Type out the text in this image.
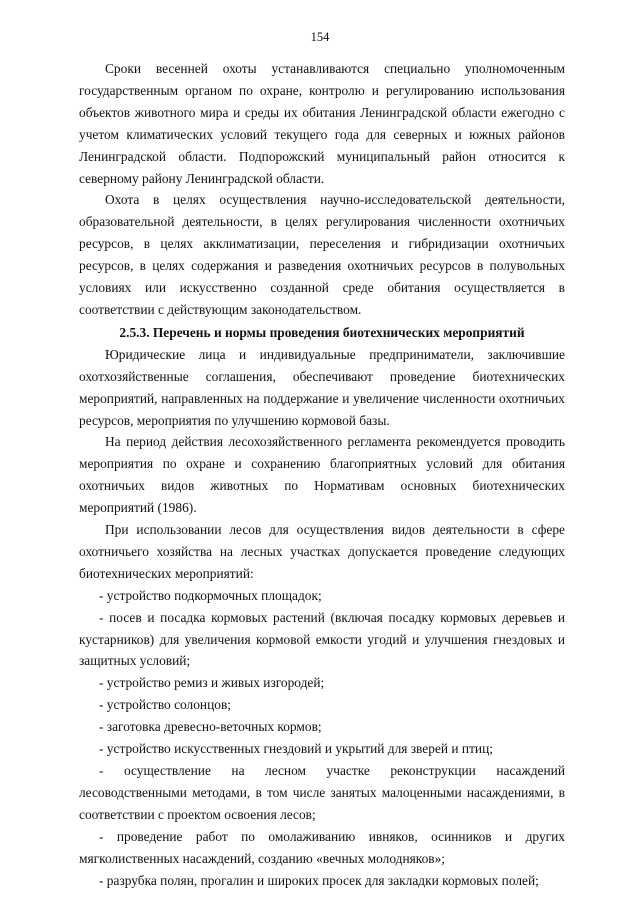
154

Сроки весенней охоты устанавливаются специально уполномоченным государственным органом по охране, контролю и регулированию использования объектов животного мира и среды их обитания Ленинградской области ежегодно с учетом климатических условий текущего года для северных и южных районов Ленинградской области. Подпорожский муниципальный район относится к северному району Ленинградской области.

Охота в целях осуществления научно-исследовательской деятельности, образовательной деятельности, в целях регулирования численности охотничьих ресурсов, в целях акклиматизации, переселения и гибридизации охотничьих ресурсов, в целях содержания и разведения охотничьих ресурсов в полувольных условиях или искусственно созданной среде обитания осуществляется в соответствии с действующим законодательством.

2.5.3. Перечень и нормы проведения биотехнических мероприятий

Юридические лица и индивидуальные предприниматели, заключившие охотхозяйственные соглашения, обеспечивают проведение биотехнических мероприятий, направленных на поддержание и увеличение численности охотничьих ресурсов, мероприятия по улучшению кормовой базы.

На период действия лесохозяйственного регламента рекомендуется проводить мероприятия по охране и сохранению благоприятных условий для обитания охотничьих видов животных по Нормативам основных биотехнических мероприятий (1986).

При использовании лесов для осуществления видов деятельности в сфере охотничьего хозяйства на лесных участках допускается проведение следующих биотехнических мероприятий:

- устройство подкормочных площадок;

- посев и посадка кормовых растений (включая посадку кормовых деревьев и кустарников) для увеличения кормовой емкости угодий и улучшения гнездовых и защитных условий;

- устройство ремиз и живых изгородей;

- устройство солонцов;

- заготовка древесно-веточных кормов;

- устройство искусственных гнездовий и укрытий для зверей и птиц;

- осуществление на лесном участке реконструкции насаждений лесоводственными методами, в том числе занятых малоценными насаждениями, в соответствии с проектом освоения лесов;

- проведение работ по омолаживанию ивняков, осинников и других мягколиственных насаждений, созданию «вечных молодняков»;

- разрубка полян, прогалин и широких просек для закладки кормовых полей;
